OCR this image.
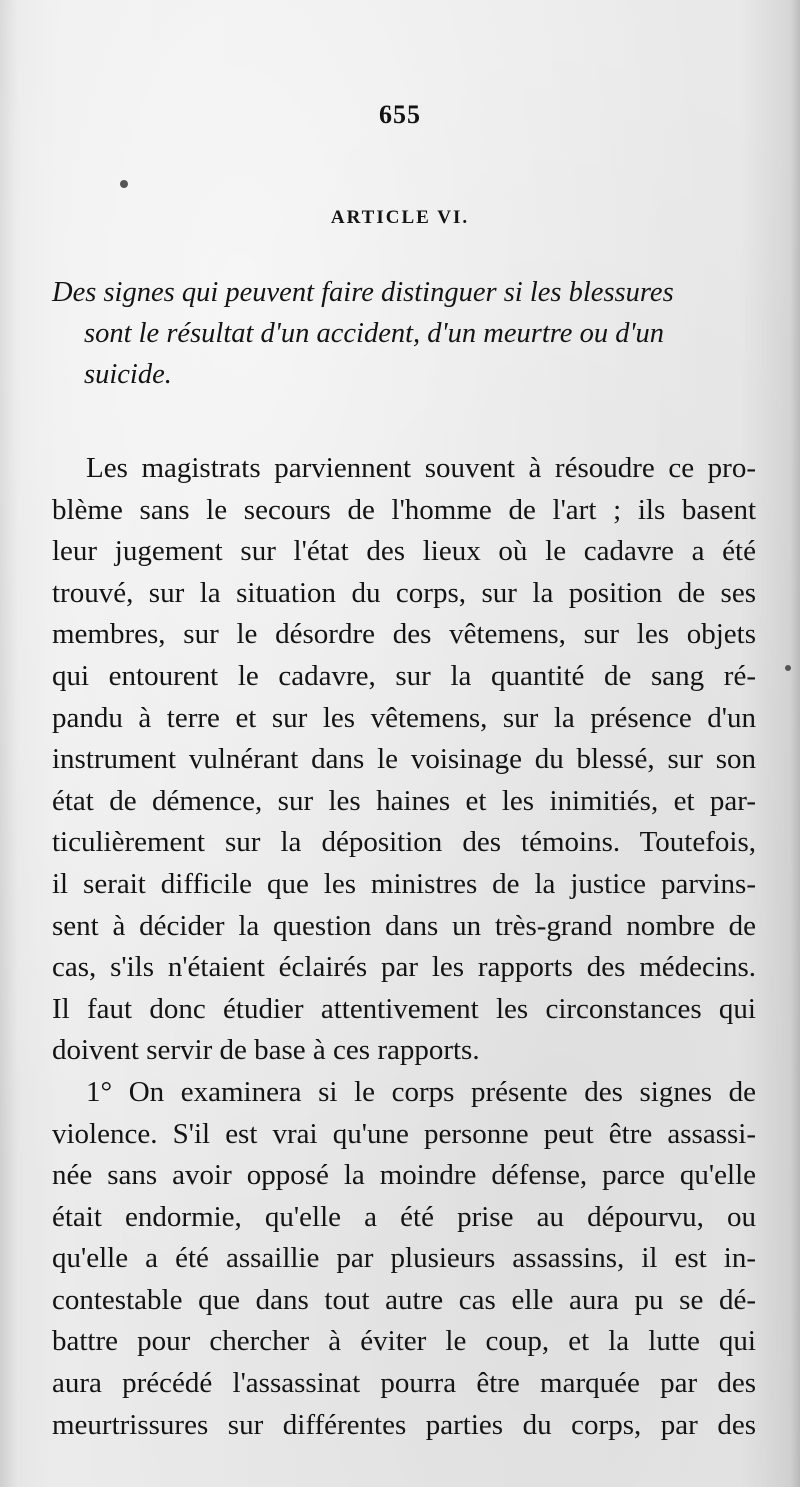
655
ARTICLE VI.
Des signes qui peuvent faire distinguer si les blessures
sont le résultat d'un accident, d'un meurtre ou d'un
suicide.
Les magistrats parviennent souvent à résoudre ce pro-
blème sans le secours de l'homme de l'art ; ils basent
leur jugement sur l'état des lieux où le cadavre a été
trouvé, sur la situation du corps, sur la position de ses
membres, sur le désordre des vêtemens, sur les objets
qui entourent le cadavre, sur la quantité de sang ré-
pandu à terre et sur les vêtemens, sur la présence d'un
instrument vulnérant dans le voisinage du blessé, sur son
état de démence, sur les haines et les inimitiés, et par-
ticulièrement sur la déposition des témoins. Toutefois,
il serait difficile que les ministres de la justice parvins-
sent à décider la question dans un très-grand nombre de
cas, s'ils n'étaient éclairés par les rapports des médecins.
Il faut donc étudier attentivement les circonstances qui
doivent servir de base à ces rapports.
1° On examinera si le corps présente des signes de
violence. S'il est vrai qu'une personne peut être assassi-
née sans avoir opposé la moindre défense, parce qu'elle
était endormie, qu'elle a été prise au dépourvu, ou
qu'elle a été assaillie par plusieurs assassins, il est in-
contestable que dans tout autre cas elle aura pu se dé-
battre pour chercher à éviter le coup, et la lutte qui
aura précédé l'assassinat pourra être marquée par des
meurtrissures sur différentes parties du corps, par des
